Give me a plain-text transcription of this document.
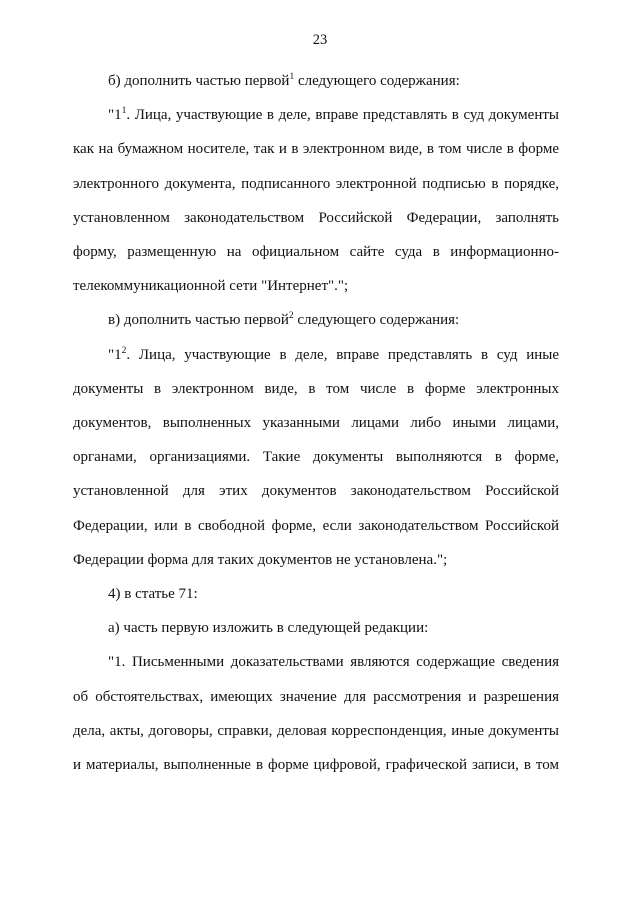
23

б) дополнить частью первой$^1$ следующего содержания:

"$1^1$. Лица, участвующие в деле, вправе представлять в суд документы как на бумажном носителе, так и в электронном виде, в том числе в форме электронного документа, подписанного электронной подписью в порядке, установленном законодательством Российской Федерации, заполнять форму, размещенную на официальном сайте суда в информационно-телекоммуникационной сети "Интернет".";

в) дополнить частью первой$^2$ следующего содержания:

"$1^2$. Лица, участвующие в деле, вправе представлять в суд иные документы в электронном виде, в том числе в форме электронных документов, выполненных указанными лицами либо иными лицами, органами, организациями. Такие документы выполняются в форме, установленной для этих документов законодательством Российской Федерации, или в свободной форме, если законодательством Российской Федерации форма для таких документов не установлена.";

4) в статье 71:

а) часть первую изложить в следующей редакции:

"1. Письменными доказательствами являются содержащие сведения об обстоятельствах, имеющих значение для рассмотрения и разрешения дела, акты, договоры, справки, деловая корреспонденция, иные документы и материалы, выполненные в форме цифровой, графической записи, в том
